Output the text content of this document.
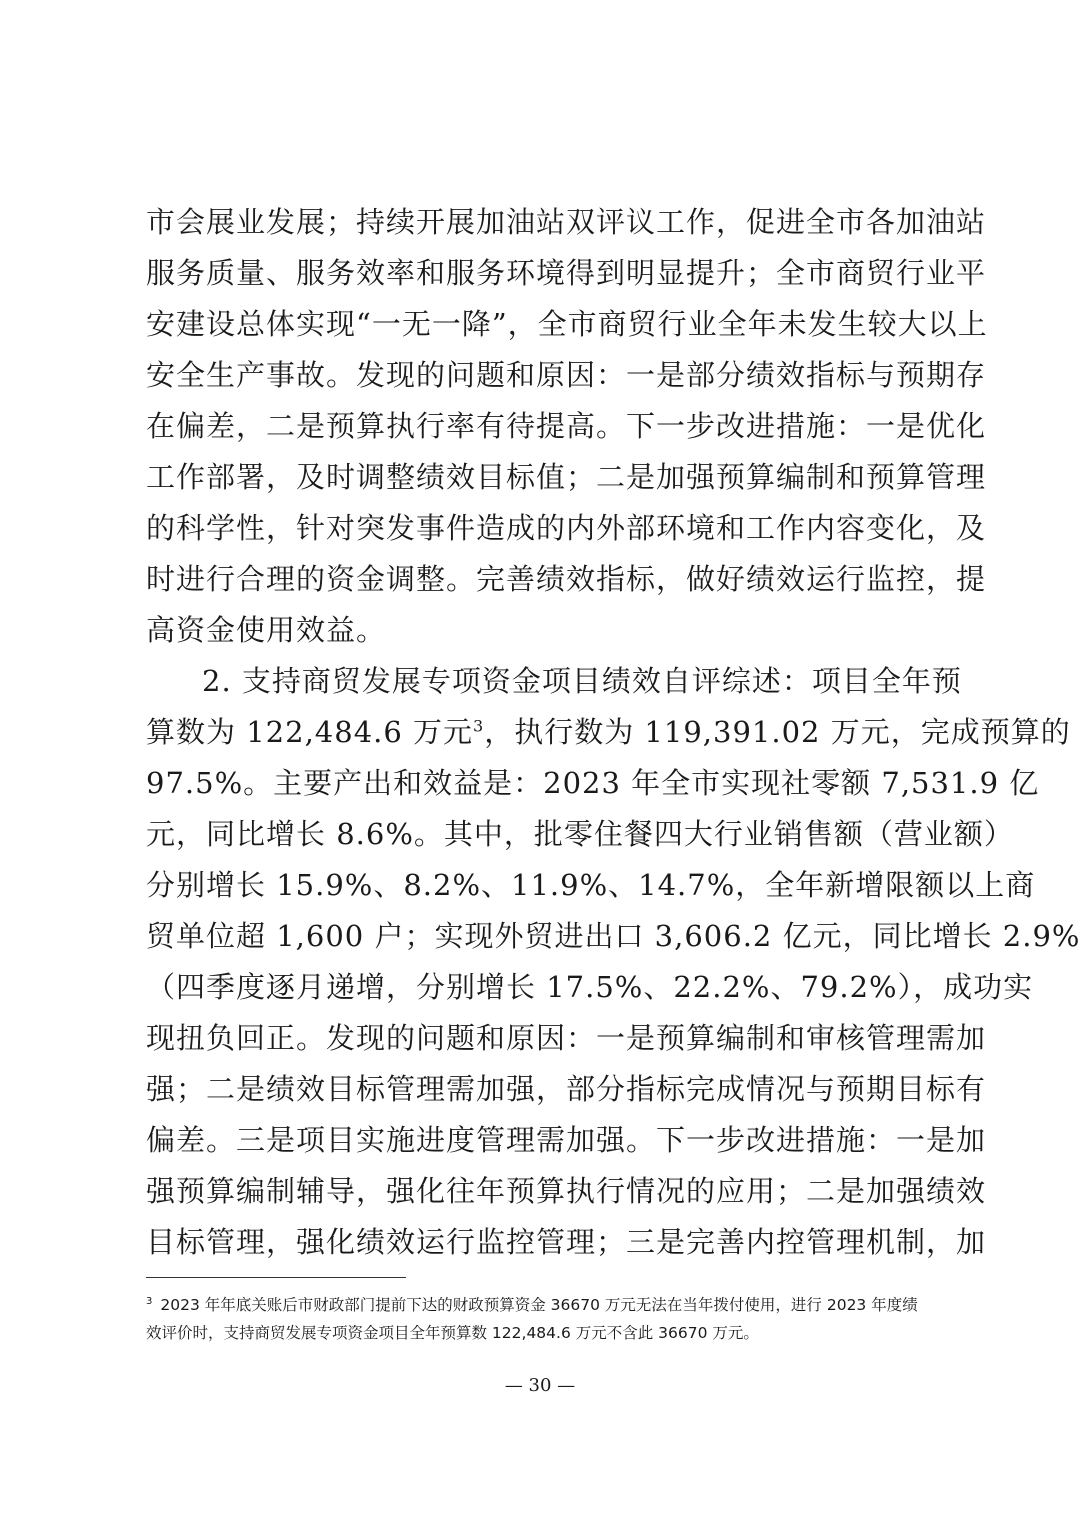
市会展业发展；持续开展加油站双评议工作，促进全市各加油站
服务质量、服务效率和服务环境得到明显提升；全市商贸行业平
安建设总体实现“一无一降”，全市商贸行业全年未发生较大以上
安全生产事故。发现的问题和原因：一是部分绩效指标与预期存
在偏差，二是预算执行率有待提高。下一步改进措施：一是优化
工作部署，及时调整绩效目标值；二是加强预算编制和预算管理
的科学性，针对突发事件造成的内外部环境和工作内容变化，及
时进行合理的资金调整。完善绩效指标，做好绩效运行监控，提
高资金使用效益。
2. 支持商贸发展专项资金项目绩效自评综述：项目全年预
算数为 122,484.6 万元$^3$，执行数为 119,391.02 万元，完成预算的
97.5%。主要产出和效益是：2023 年全市实现社零额 7,531.9 亿
元，同比增长 8.6%。其中，批零住餐四大行业销售额（营业额）
分别增长 15.9%、8.2%、11.9%、14.7%，全年新增限额以上商
贸单位超 1,600 户；实现外贸进出口 3,606.2 亿元，同比增长 2.9%
（四季度逐月递增，分别增长 17.5%、22.2%、79.2%），成功实
现扭负回正。发现的问题和原因：一是预算编制和审核管理需加
强；二是绩效目标管理需加强，部分指标完成情况与预期目标有
偏差。三是项目实施进度管理需加强。下一步改进措施：一是加
强预算编制辅导，强化往年预算执行情况的应用；二是加强绩效
目标管理，强化绩效运行监控管理；三是完善内控管理机制，加
$^3$ 2023 年年底关账后市财政部门提前下达的财政预算资金 36670 万元无法在当年拨付使用，进行 2023 年度绩
效评价时，支持商贸发展专项资金项目全年预算数 122,484.6 万元不含此 36670 万元。
— 30 —
